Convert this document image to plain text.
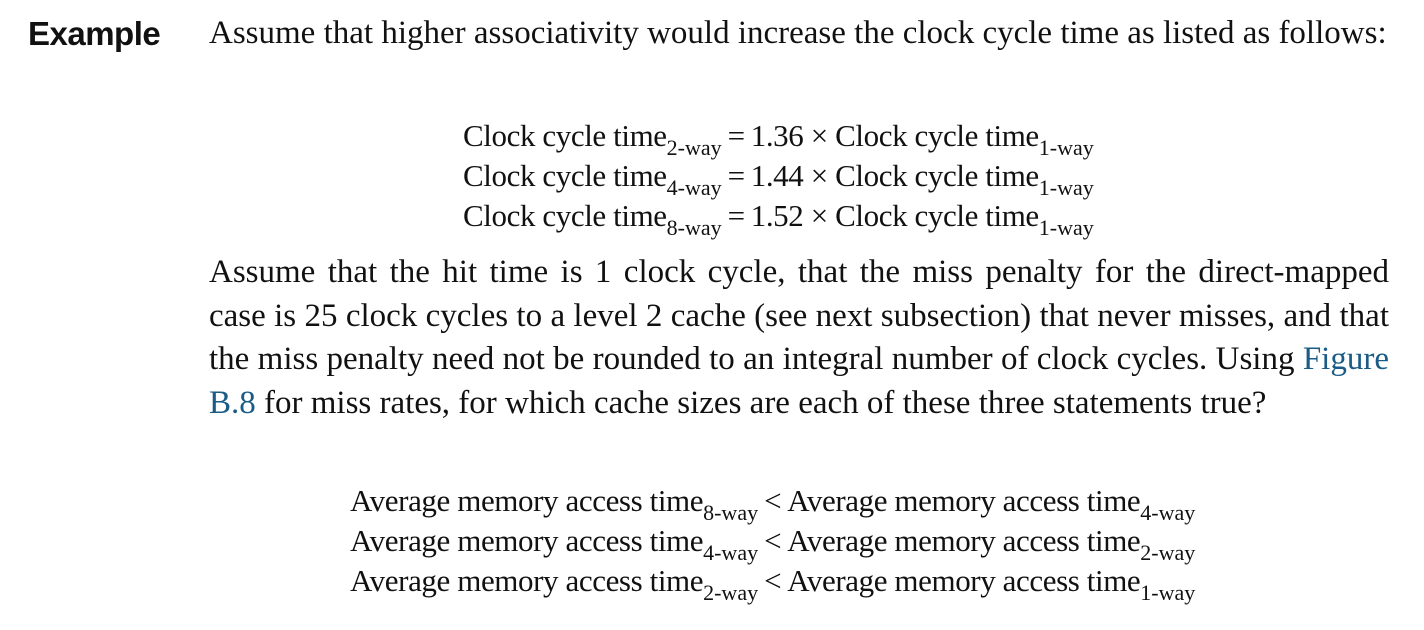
Example Assume that higher associativity would increase the clock cycle time as listed as follows:
Clock cycle time$_{2-way}$ = 1.36 × Clock cycle time$_{1-way}$
Clock cycle time$_{4-way}$ = 1.44 × Clock cycle time$_{1-way}$
Clock cycle time$_{8-way}$ = 1.52 × Clock cycle time$_{1-way}$
Assume that the hit time is 1 clock cycle, that the miss penalty for the direct-mapped case is 25 clock cycles to a level 2 cache (see next subsection) that never misses, and that the miss penalty need not be rounded to an integral number of clock cycles. Using Figure B.8 for miss rates, for which cache sizes are each of these three statements true?
Average memory access time$_{8-way}$ < Average memory access time$_{4-way}$
Average memory access time$_{4-way}$ < Average memory access time$_{2-way}$
Average memory access time$_{2-way}$ < Average memory access time$_{1-way}$
